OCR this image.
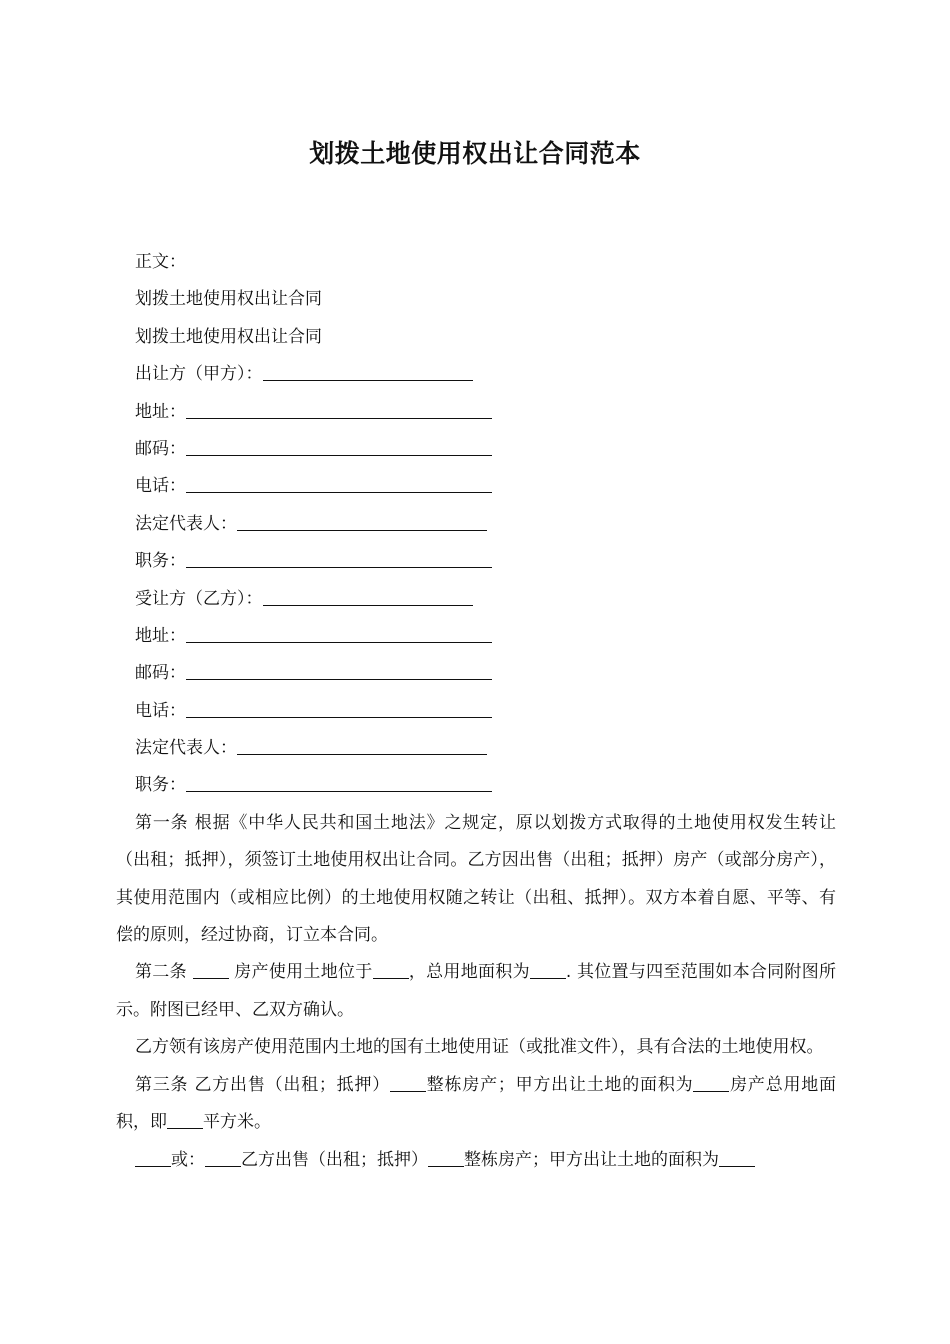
划拨土地使用权出让合同范本
正文：
划拨土地使用权出让合同
划拨土地使用权出让合同
出让方（甲方）：
地址：
邮码：
电话：
法定代表人：
职务：
受让方（乙方）：
地址：
邮码：
电话：
法定代表人：
职务：

第一条 根据《中华人民共和国土地法》之规定，原以划拨方式取得的土地使用权发生转让（出租；抵押），须签订土地使用权出让合同。乙方因出售（出租；抵押）房产（或部分房产），其使用范围内（或相应比例）的土地使用权随之转让（出租、抵押）。双方本着自愿、平等、有偿的原则，经过协商，订立本合同。

第二条  房产使用土地位于 ，总用地面积为 . 其位置与四至范围如本合同附图所示。附图已经甲、乙双方确认。

乙方领有该房产使用范围内土地的国有土地使用证（或批准文件），具有合法的土地使用权。

第三条 乙方出售（出租；抵押） 整栋房产；甲方出让土地的面积为 房产总用地面积，即 平方米。

或： 乙方出售（出租；抵押） 整栋房产；甲方出让土地的面积为
